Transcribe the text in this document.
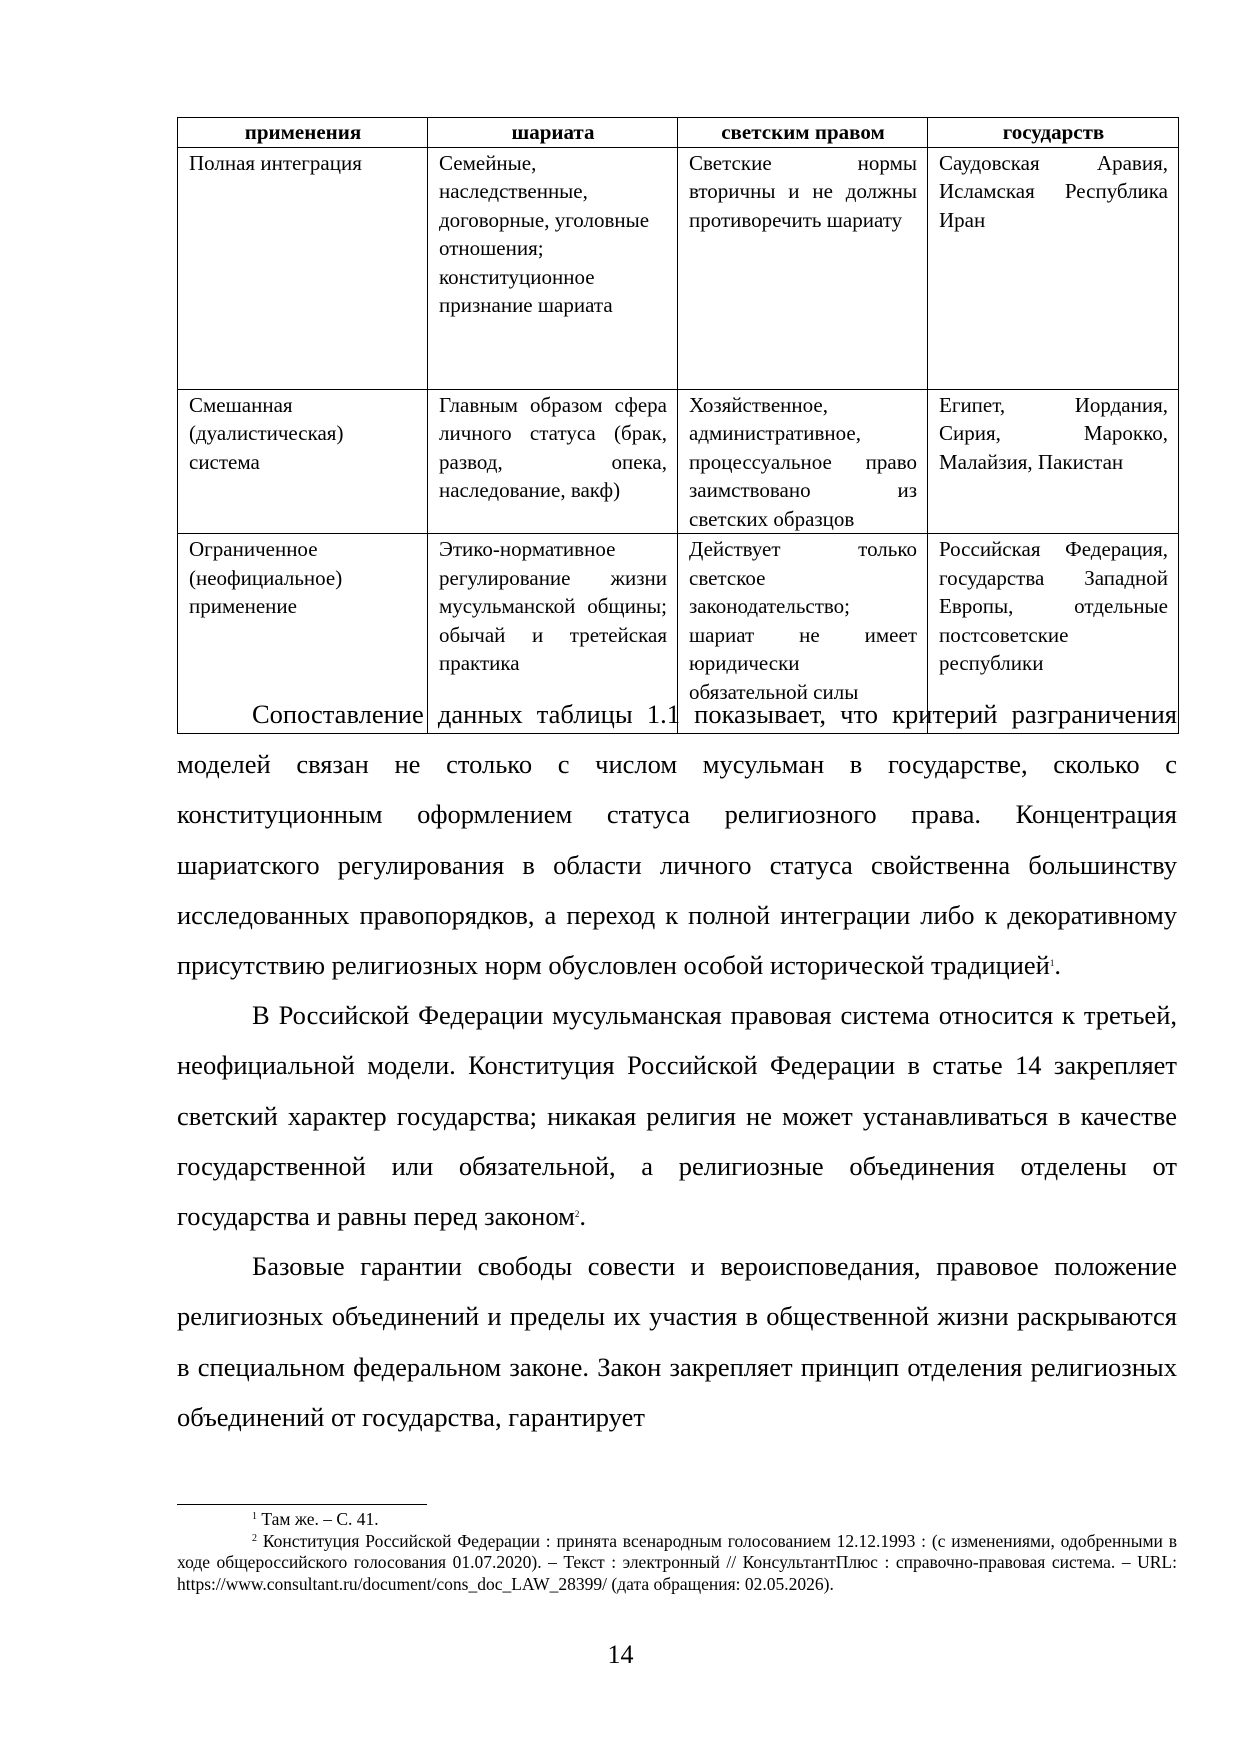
применения	шариата	светским правом	государств
Полная интеграция	Семейные, наследственные, договорные, уголовные отношения; конституционное признание шариата	Светские нормы вторичны и не должны противоречить шариату	Саудовская Аравия, Исламская Республика Иран
Смешанная (дуалистическая) система	Главным образом сфера личного статуса (брак, развод, опека, наследование, вакф)	Хозяйственное, административное, процессуальное право заимствовано из светских образцов	Египет, Иордания, Сирия, Марокко, Малайзия, Пакистан
Ограниченное (неофициальное) применение	Этико-нормативное регулирование жизни мусульманской общины; обычай и третейская практика	Действует только светское законодательство; шариат не имеет юридически обязательной силы	Российская Федерация, государства Западной Европы, отдельные постсоветские республики

Сопоставление данных таблицы 1.1 показывает, что критерий разграничения моделей связан не столько с числом мусульман в государстве, сколько с конституционным оформлением статуса религиозного права. Концентрация шариатского регулирования в области личного статуса свойственна большинству исследованных правопорядков, а переход к полной интеграции либо к декоративному присутствию религиозных норм обусловлен особой исторической традицией$^1$.

В Российской Федерации мусульманская правовая система относится к третьей, неофициальной модели. Конституция Российской Федерации в статье 14 закрепляет светский характер государства; никакая религия не может устанавливаться в качестве государственной или обязательной, а религиозные объединения отделены от государства и равны перед законом$^2$.

Базовые гарантии свободы совести и вероисповедания, правовое положение религиозных объединений и пределы их участия в общественной жизни раскрываются в специальном федеральном законе. Закон закрепляет принцип отделения религиозных объединений от государства, гарантирует

$^1$ Там же. – С. 41.

$^2$ Конституция Российской Федерации : принята всенародным голосованием 12.12.1993 : (с изменениями, одобренными в ходе общероссийского голосования 01.07.2020). – Текст : электронный // КонсультантПлюс : справочно-правовая система. – URL: https://www.consultant.ru/document/cons_doc_LAW_28399/ (дата обращения: 02.05.2026).

14
